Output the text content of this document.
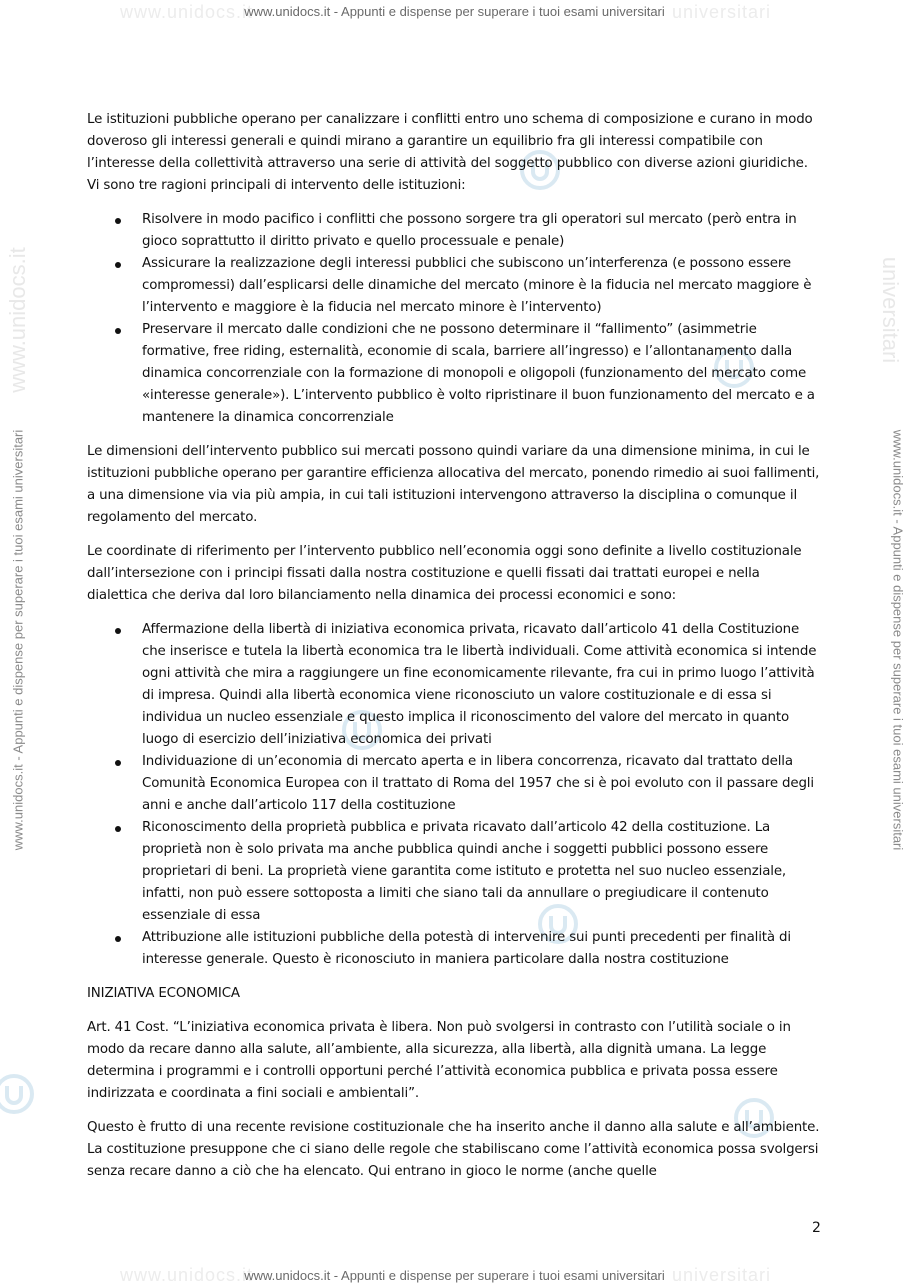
www.unidocs.it	universitari
www.unidocs.it	universitari
www.unidocs.it - Appunti e dispense per superare i tuoi esami universitari
www.unidocs.it - Appunti e dispense per superare i tuoi esami universitari
www.unidocs.it - Appunti e dispense per superare i tuoi esami universitari	www.unidocs.it - Appunti e dispense per superare i tuoi esami universitari
www.unidocs.it	universitari

Le istituzioni pubbliche operano per canalizzare i conflitti entro uno schema di composizione e curano in modo doveroso gli interessi generali e quindi mirano a garantire un equilibrio fra gli interessi compatibile con l’interesse della collettività attraverso una serie di attività del soggetto pubblico con diverse azioni giuridiche. Vi sono tre ragioni principali di intervento delle istituzioni:

Risolvere in modo pacifico i conflitti che possono sorgere tra gli operatori sul mercato (però entra in gioco soprattutto il diritto privato e quello processuale e penale)
Assicurare la realizzazione degli interessi pubblici che subiscono un’interferenza (e possono essere compromessi) dall’esplicarsi delle dinamiche del mercato (minore è la fiducia nel mercato maggiore è l’intervento e maggiore è la fiducia nel mercato minore è l’intervento)
Preservare il mercato dalle condizioni che ne possono determinare il “fallimento” (asimmetrie formative, free riding, esternalità, economie di scala, barriere all’ingresso) e l’allontanamento dalla dinamica concorrenziale con la formazione di monopoli e oligopoli (funzionamento del mercato come «interesse generale»). L’intervento pubblico è volto ripristinare il buon funzionamento del mercato e a mantenere la dinamica concorrenziale

Le dimensioni dell’intervento pubblico sui mercati possono quindi variare da una dimensione minima, in cui le istituzioni pubbliche operano per garantire efficienza allocativa del mercato, ponendo rimedio ai suoi fallimenti, a una dimensione via via più ampia, in cui tali istituzioni intervengono attraverso la disciplina o comunque il regolamento del mercato.

Le coordinate di riferimento per l’intervento pubblico nell’economia oggi sono definite a livello costituzionale dall’intersezione con i principi fissati dalla nostra costituzione e quelli fissati dai trattati europei e nella dialettica che deriva dal loro bilanciamento nella dinamica dei processi economici e sono:

Affermazione della libertà di iniziativa economica privata, ricavato dall’articolo 41 della Costituzione che inserisce e tutela la libertà economica tra le libertà individuali. Come attività economica si intende ogni attività che mira a raggiungere un fine economicamente rilevante, fra cui in primo luogo l’attività di impresa. Quindi alla libertà economica viene riconosciuto un valore costituzionale e di essa si individua un nucleo essenziale e questo implica il riconoscimento del valore del mercato in quanto luogo di esercizio dell’iniziativa economica dei privati
Individuazione di un’economia di mercato aperta e in libera concorrenza, ricavato dal trattato della Comunità Economica Europea con il trattato di Roma del 1957 che si è poi evoluto con il passare degli anni e anche dall’articolo 117 della costituzione
Riconoscimento della proprietà pubblica e privata ricavato dall’articolo 42 della costituzione. La proprietà non è solo privata ma anche pubblica quindi anche i soggetti pubblici possono essere proprietari di beni. La proprietà viene garantita come istituto e protetta nel suo nucleo essenziale, infatti, non può essere sottoposta a limiti che siano tali da annullare o pregiudicare il contenuto essenziale di essa
Attribuzione alle istituzioni pubbliche della potestà di intervenire sui punti precedenti per finalità di interesse generale. Questo è riconosciuto in maniera particolare dalla nostra costituzione

INIZIATIVA ECONOMICA

Art. 41 Cost. “L’iniziativa economica privata è libera. Non può svolgersi in contrasto con l’utilità sociale o in modo da recare danno alla salute, all’ambiente, alla sicurezza, alla libertà, alla dignità umana. La legge determina i programmi e i controlli opportuni perché l’attività economica pubblica e privata possa essere indirizzata e coordinata a fini sociali e ambientali”.

Questo è frutto di una recente revisione costituzionale che ha inserito anche il danno alla salute e all’ambiente. La costituzione presuppone che ci siano delle regole che stabiliscano come l’attività economica possa svolgersi senza recare danno a ciò che ha elencato. Qui entrano in gioco le norme (anche quelle

2
